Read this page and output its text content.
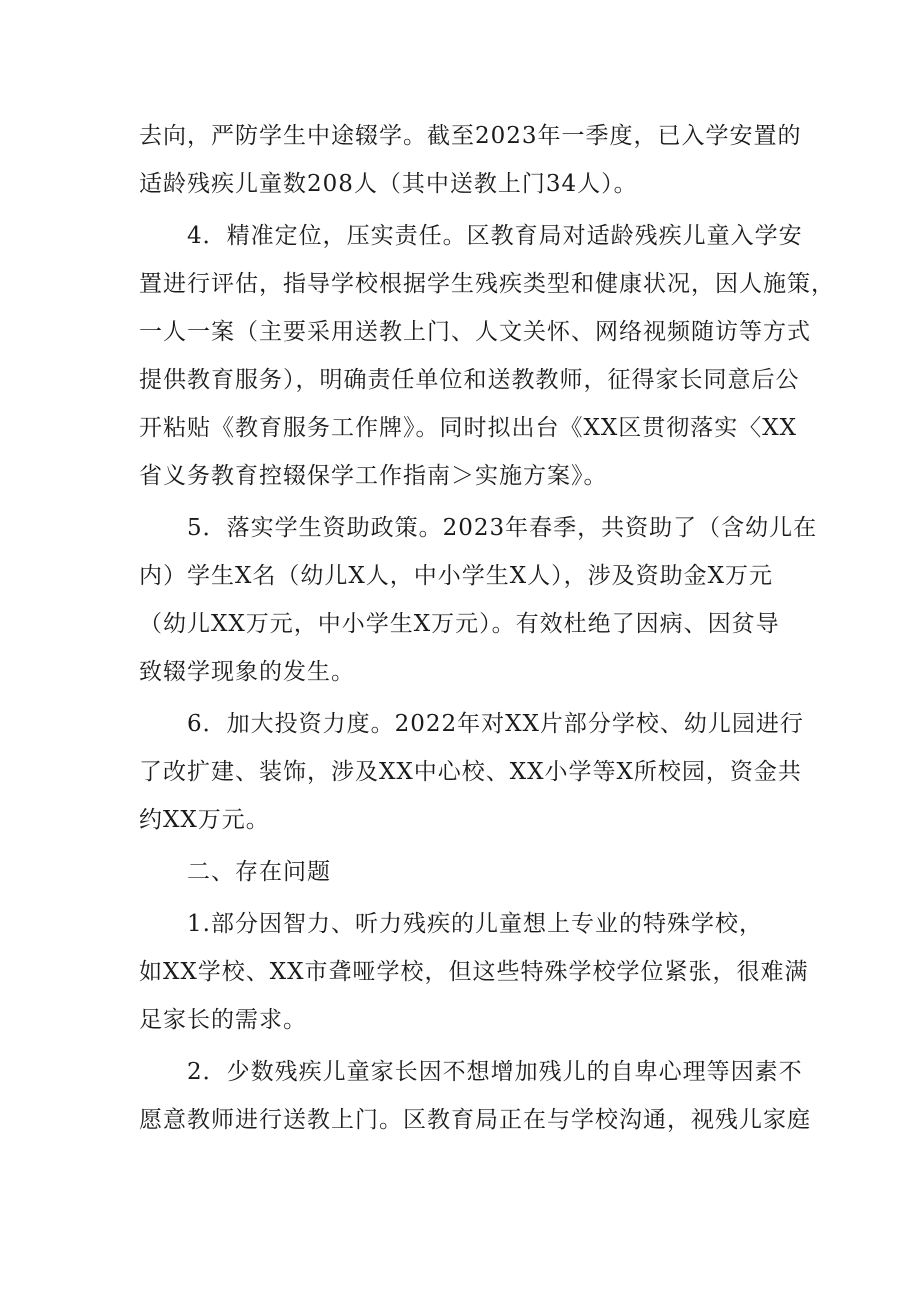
去向，严防学生中途辍学。截至2023年一季度，已入学安置的
适龄残疾儿童数208人（其中送教上门34人）。
4．精准定位，压实责任。区教育局对适龄残疾儿童入学安
置进行评估，指导学校根据学生残疾类型和健康状况，因人施策，
一人一案（主要采用送教上门、人文关怀、网络视频随访等方式
提供教育服务），明确责任单位和送教教师，征得家长同意后公
开粘贴《教育服务工作牌》。同时拟出台《XX区贯彻落实〈XX
省义务教育控辍保学工作指南＞实施方案》。
5．落实学生资助政策。2023年春季，共资助了（含幼儿在
内）学生X名（幼儿X人，中小学生X人），涉及资助金X万元
（幼儿XX万元，中小学生X万元）。有效杜绝了因病、因贫导
致辍学现象的发生。
6．加大投资力度。2022年对XX片部分学校、幼儿园进行
了改扩建、装饰，涉及XX中心校、XX小学等X所校园，资金共
约XX万元。
二、存在问题
1.部分因智力、听力残疾的儿童想上专业的特殊学校，
如XX学校、XX市聋哑学校，但这些特殊学校学位紧张，很难满
足家长的需求。
2．少数残疾儿童家长因不想增加残儿的自卑心理等因素不
愿意教师进行送教上门。区教育局正在与学校沟通，视残儿家庭
